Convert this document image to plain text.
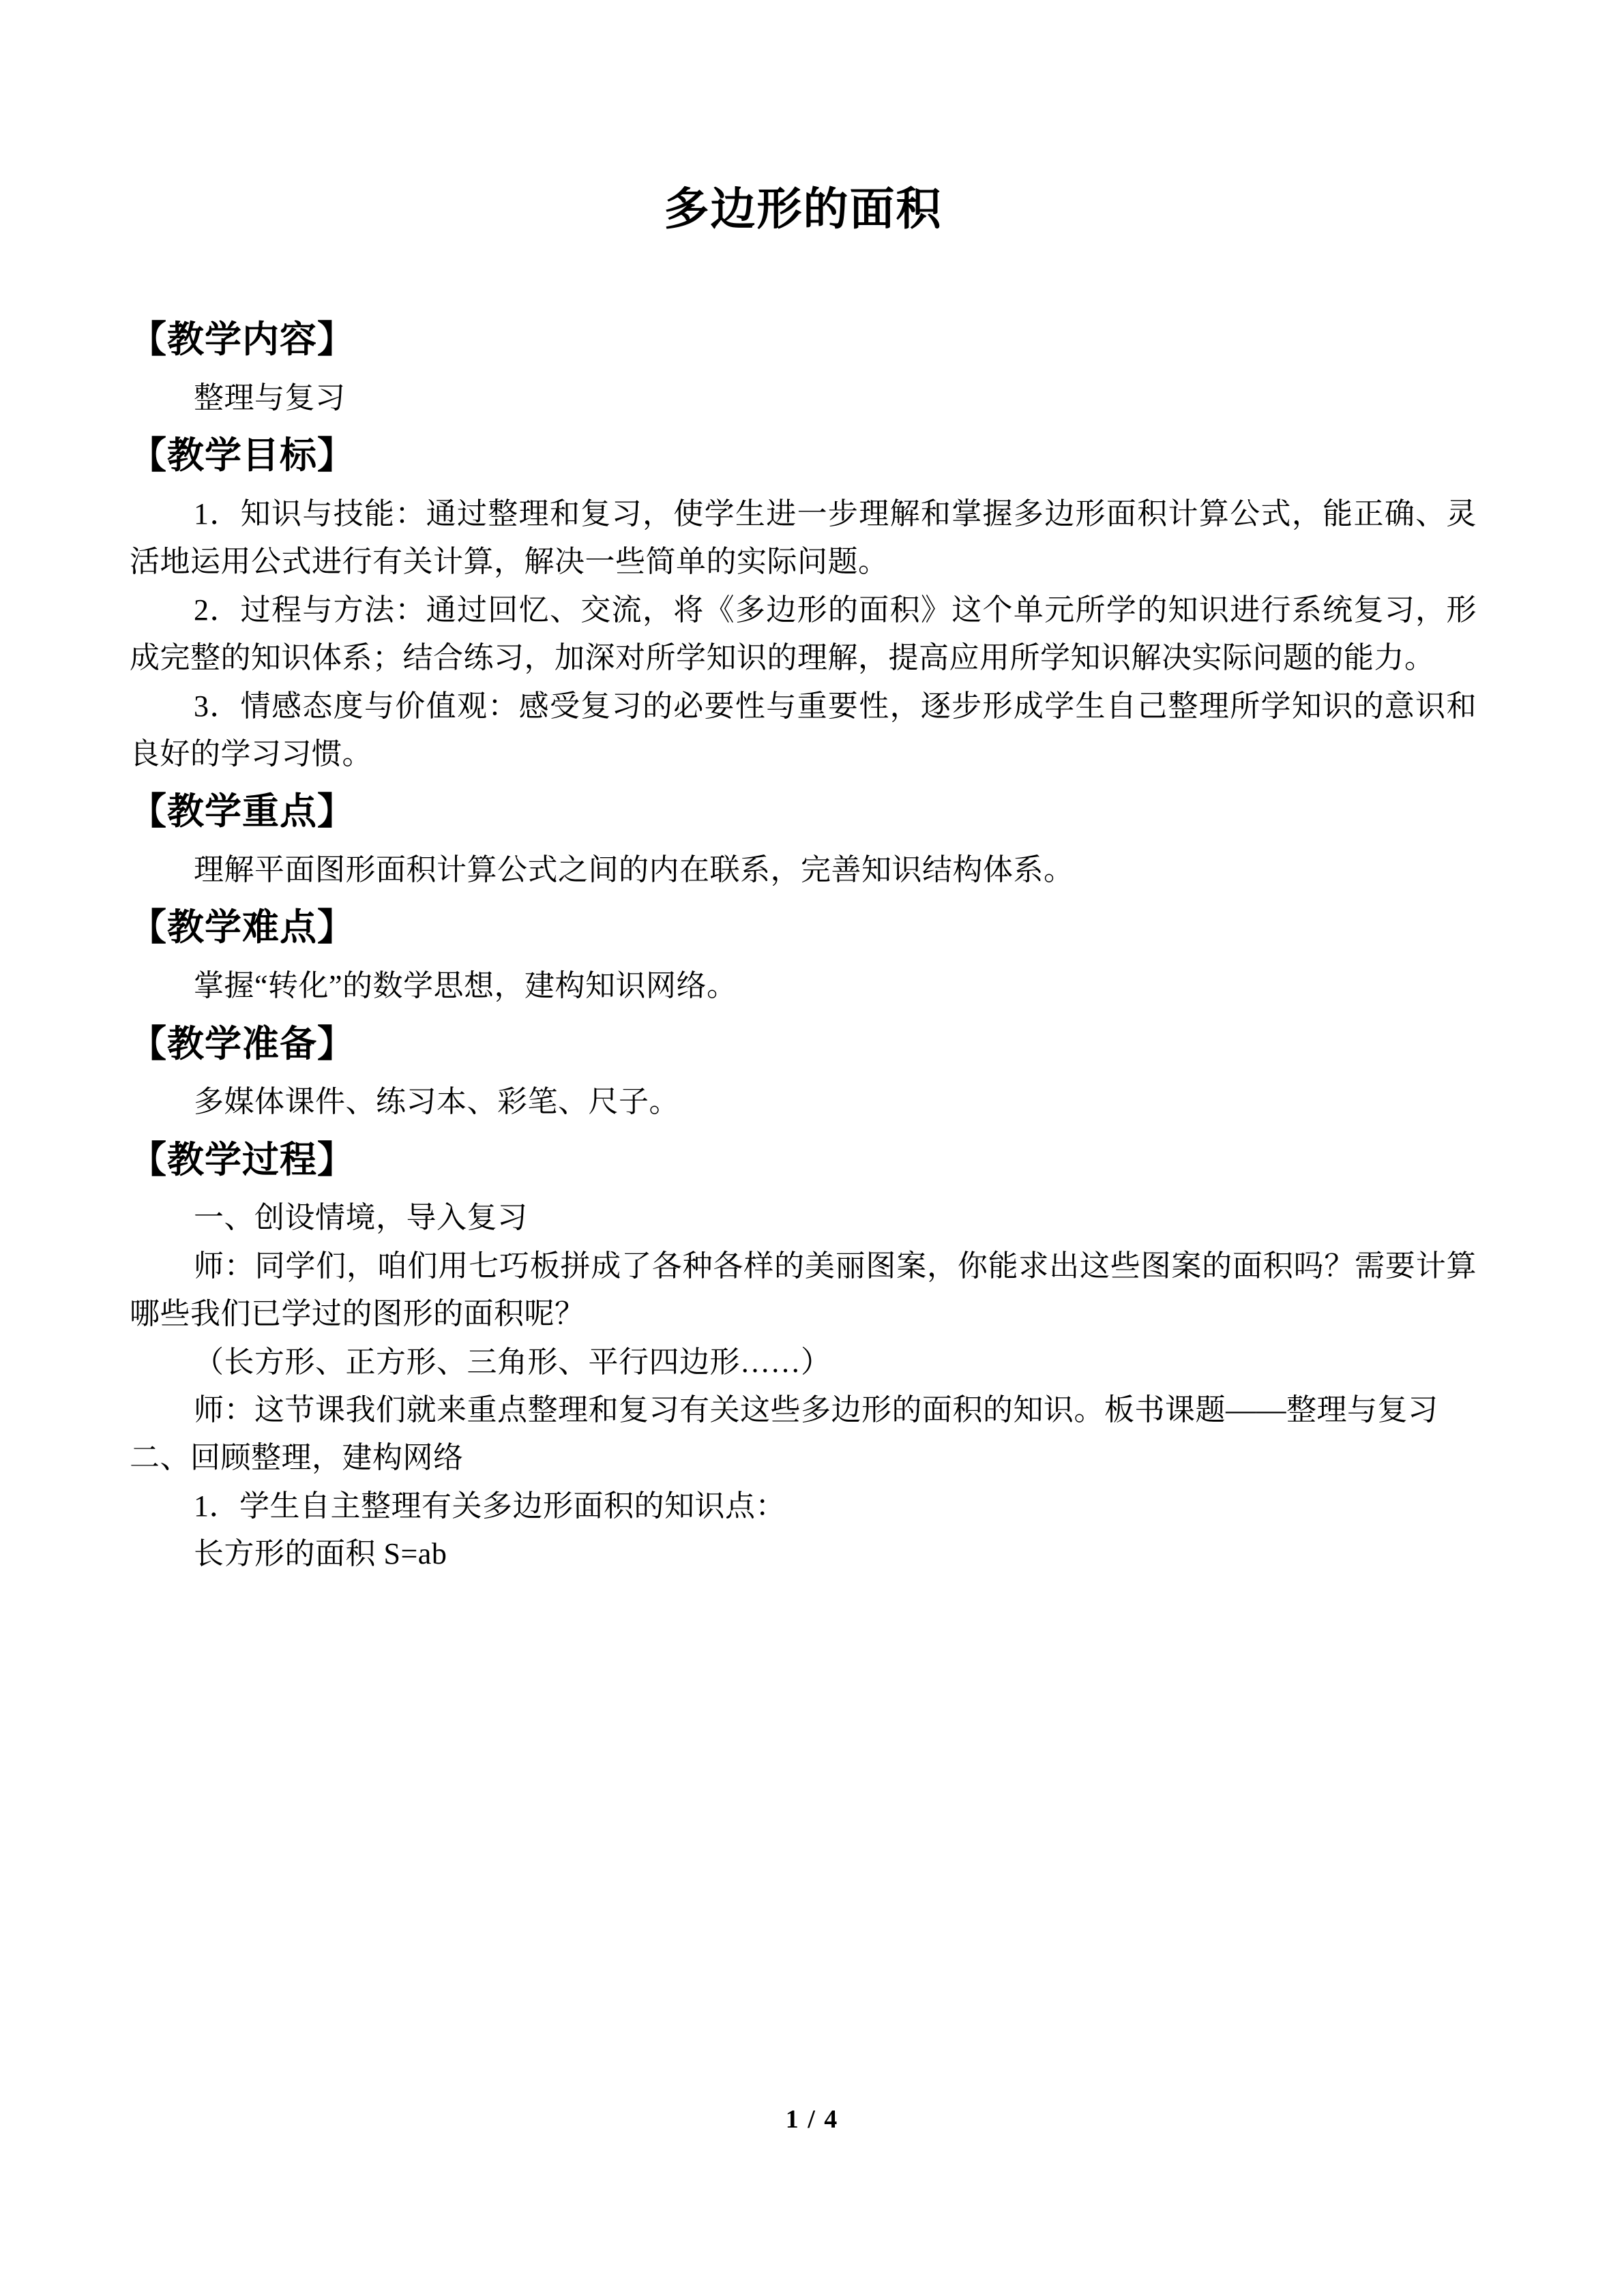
多边形的面积
【教学内容】

整理与复习

【教学目标】

1．知识与技能：通过整理和复习，使学生进一步理解和掌握多边形面积计算公式，能正确、灵活地运用公式进行有关计算，解决一些简单的实际问题。

2．过程与方法：通过回忆、交流，将《多边形的面积》这个单元所学的知识进行系统复习，形成完整的知识体系；结合练习，加深对所学知识的理解，提高应用所学知识解决实际问题的能力。

3．情感态度与价值观：感受复习的必要性与重要性，逐步形成学生自己整理所学知识的意识和良好的学习习惯。

【教学重点】

理解平面图形面积计算公式之间的内在联系，完善知识结构体系。

【教学难点】

掌握“转化”的数学思想，建构知识网络。

【教学准备】

多媒体课件、练习本、彩笔、尺子。

【教学过程】

一、创设情境，导入复习

师：同学们，咱们用七巧板拼成了各种各样的美丽图案，你能求出这些图案的面积吗？需要计算哪些我们已学过的图形的面积呢？

（长方形、正方形、三角形、平行四边形……）

师：这节课我们就来重点整理和复习有关这些多边形的面积的知识。板书课题——整理与复习

二、回顾整理，建构网络

1．学生自主整理有关多边形面积的知识点：

长方形的面积 S=ab

1 / 4
